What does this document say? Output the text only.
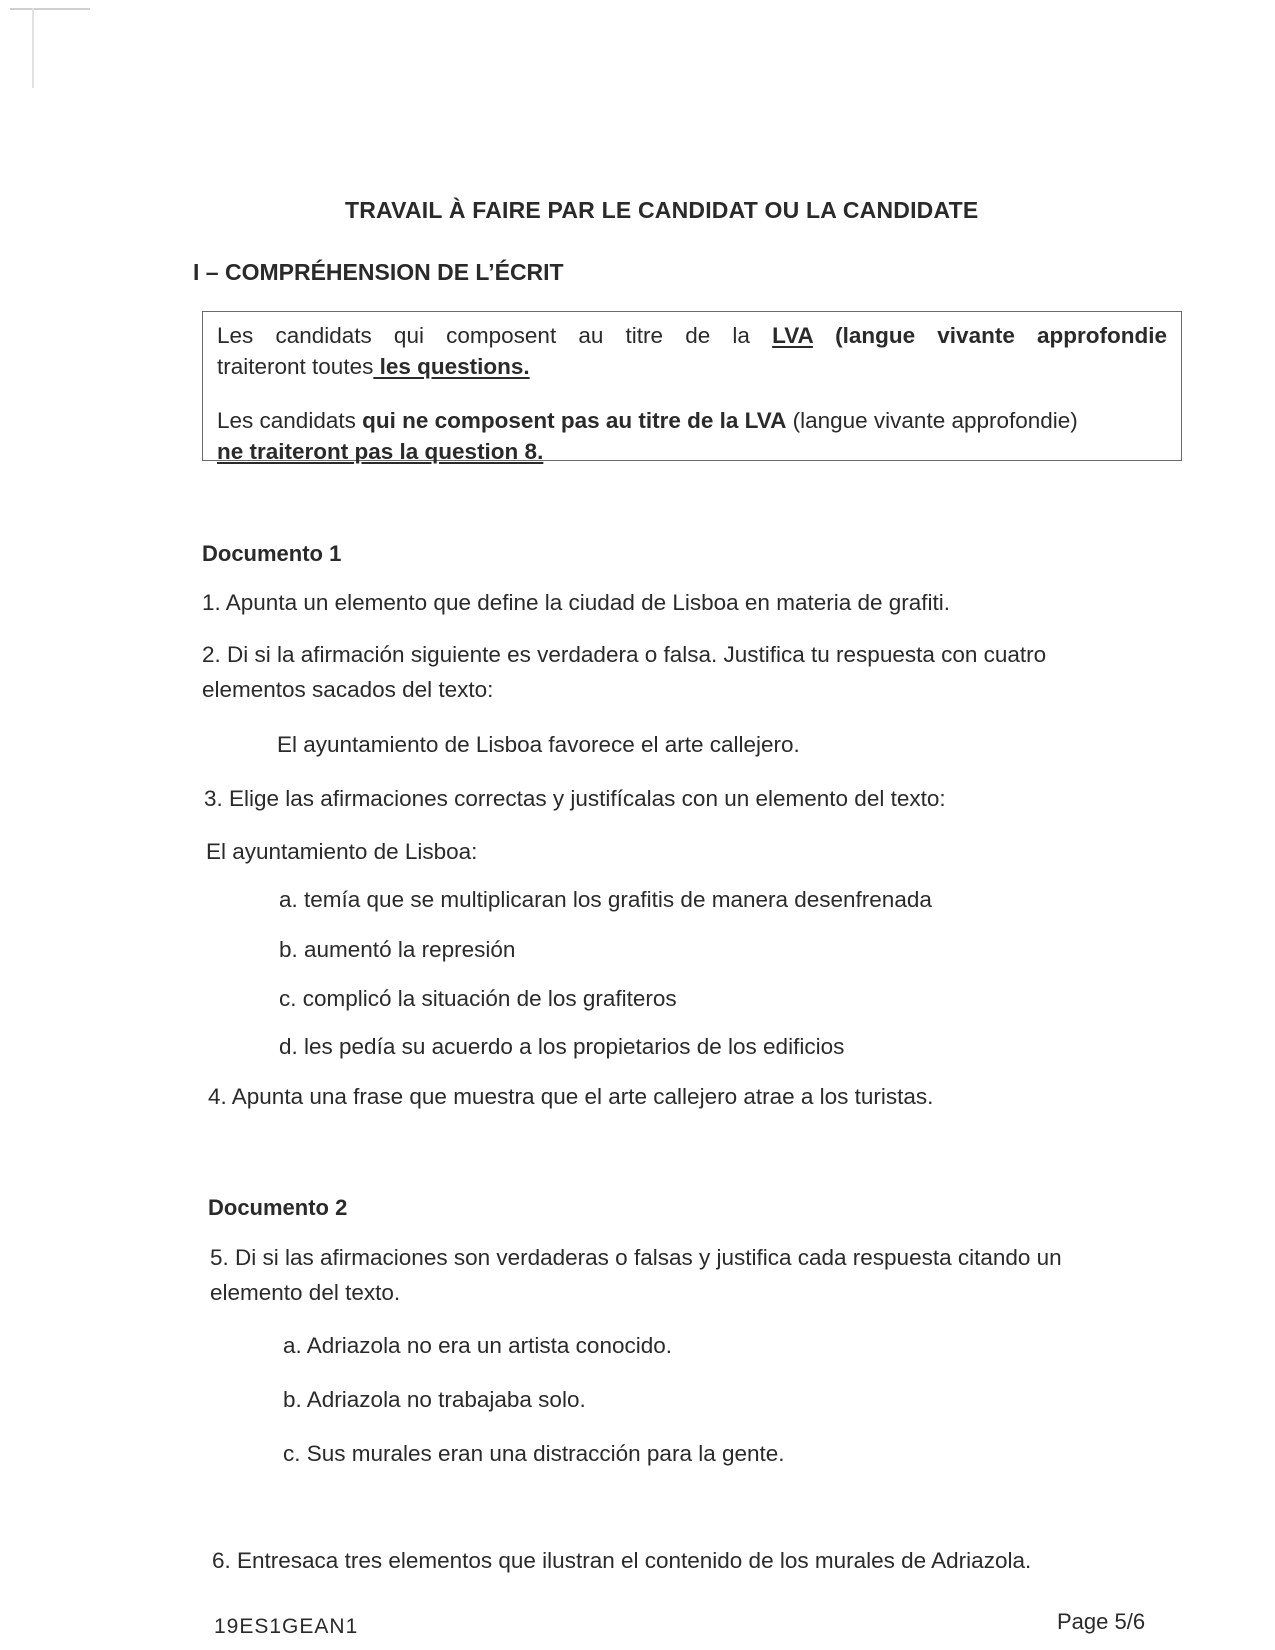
TRAVAIL À FAIRE PAR LE CANDIDAT OU LA CANDIDATE
I – COMPRÉHENSION DE L’ÉCRIT

Les candidats qui composent au titre de la LVA (langue vivante approfondie

traiteront toutes les questions.

Les candidats qui ne composent pas au titre de la LVA (langue vivante approfondie)

ne traiteront pas la question 8.

Documento 1
1. Apunta un elemento que define la ciudad de Lisboa en materia de grafiti.
2. Di si la afirmación siguiente es verdadera o falsa. Justifica tu respuesta con cuatro elementos sacados del texto:
El ayuntamiento de Lisboa favorece el arte callejero.
3. Elige las afirmaciones correctas y justifícalas con un elemento del texto:
El ayuntamiento de Lisboa:
a. temía que se multiplicaran los grafitis de manera desenfrenada
b. aumentó la represión
c. complicó la situación de los grafiteros
d. les pedía su acuerdo a los propietarios de los edificios
4. Apunta una frase que muestra que el arte callejero atrae a los turistas.
Documento 2
5. Di si las afirmaciones son verdaderas o falsas y justifica cada respuesta citando un elemento del texto.
a. Adriazola no era un artista conocido.
b. Adriazola no trabajaba solo.
c. Sus murales eran una distracción para la gente.
6. Entresaca tres elementos que ilustran el contenido de los murales de Adriazola.
19ES1GEAN1	Page 5/6
